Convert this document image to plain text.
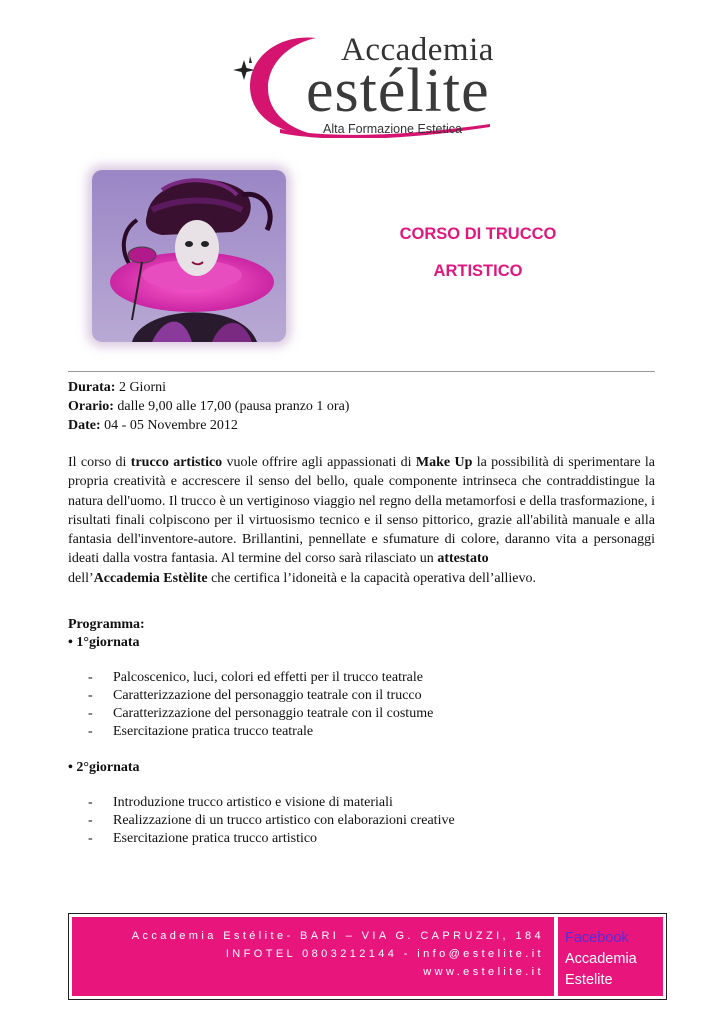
Accademia
estélite
Alta Formazione Estetica
CORSO DI TRUCCO
ARTISTICO
Durata: 2 Giorni
Orario: dalle 9,00 alle 17,00 (pausa pranzo 1 ora)
Date: 04 - 05 Novembre 2012
Il corso di trucco artistico vuole offrire agli appassionati di Make Up la possibilità di sperimentare la propria creatività e accrescere il senso del bello, quale componente intrinseca che contraddistingue la natura dell'uomo. Il trucco è un vertiginoso viaggio nel regno della metamorfosi e della trasformazione, i risultati finali colpiscono per il virtuosismo tecnico e il senso pittorico, grazie all'abilità manuale e alla fantasia dell'inventore-autore. Brillantini, pennellate e sfumature di colore, daranno vita a personaggi ideati dalla vostra fantasia. Al termine del corso sarà rilasciato un attestato
dell’Accademia Estèlite che certifica l’idoneità e la capacità operativa dell’allievo.
Programma:
• 1°giornata
- Palcoscenico, luci, colori ed effetti per il trucco teatrale
- Caratterizzazione del personaggio teatrale con il trucco
- Caratterizzazione del personaggio teatrale con il costume
- Esercitazione pratica trucco teatrale
• 2°giornata
- Introduzione trucco artistico e visione di materiali
- Realizzazione di un trucco artistico con elaborazioni creative
- Esercitazione pratica trucco artistico
Accademia Estélite- BARI – VIA G. CAPRUZZI, 184
INFOTEL 0803212144 - info@estelite.it
www.estelite.it
Facebook
Accademia
Estelite
